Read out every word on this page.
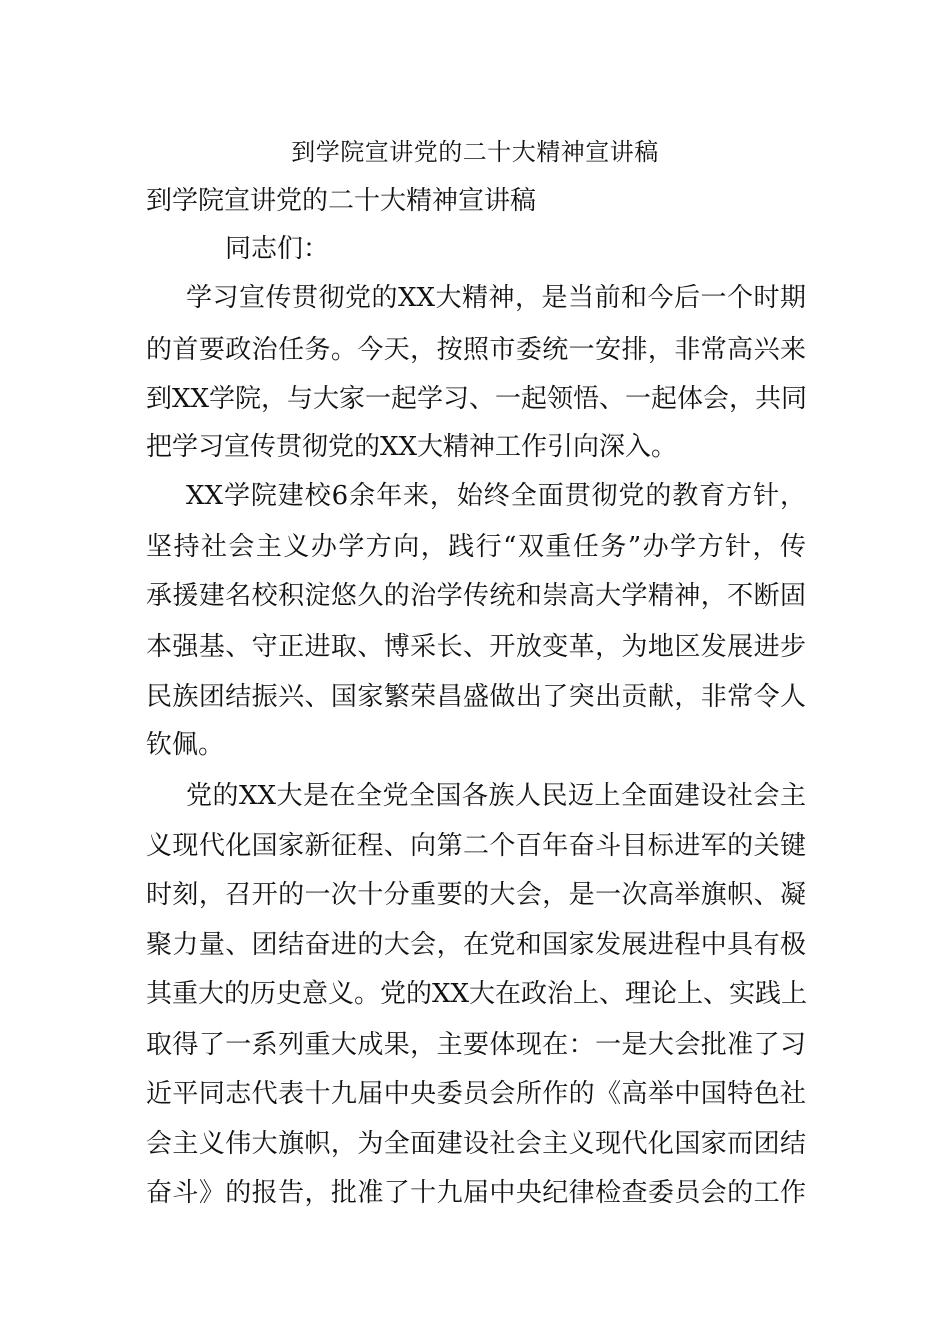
到学院宣讲党的二十大精神宣讲稿
到学院宣讲党的二十大精神宣讲稿
同志们：
学习宣传贯彻党的XX大精神，是当前和今后一个时期
的首要政治任务。今天，按照市委统一安排，非常高兴来
到XX学院，与大家一起学习、一起领悟、一起体会，共同
把学习宣传贯彻党的XX大精神工作引向深入。
XX学院建校6余年来，始终全面贯彻党的教育方针，
坚持社会主义办学方向，践行“双重任务”办学方针，传
承援建名校积淀悠久的治学传统和崇高大学精神，不断固
本强基、守正进取、博采长、开放变革，为地区发展进步
民族团结振兴、国家繁荣昌盛做出了突出贡献，非常令人
钦佩。
党的XX大是在全党全国各族人民迈上全面建设社会主
义现代化国家新征程、向第二个百年奋斗目标进军的关键
时刻，召开的一次十分重要的大会，是一次高举旗帜、凝
聚力量、团结奋进的大会，在党和国家发展进程中具有极
其重大的历史意义。党的XX大在政治上、理论上、实践上
取得了一系列重大成果，主要体现在：一是大会批准了习
近平同志代表十九届中央委员会所作的《高举中国特色社
会主义伟大旗帜，为全面建设社会主义现代化国家而团结
奋斗》的报告，批准了十九届中央纪律检查委员会的工作
